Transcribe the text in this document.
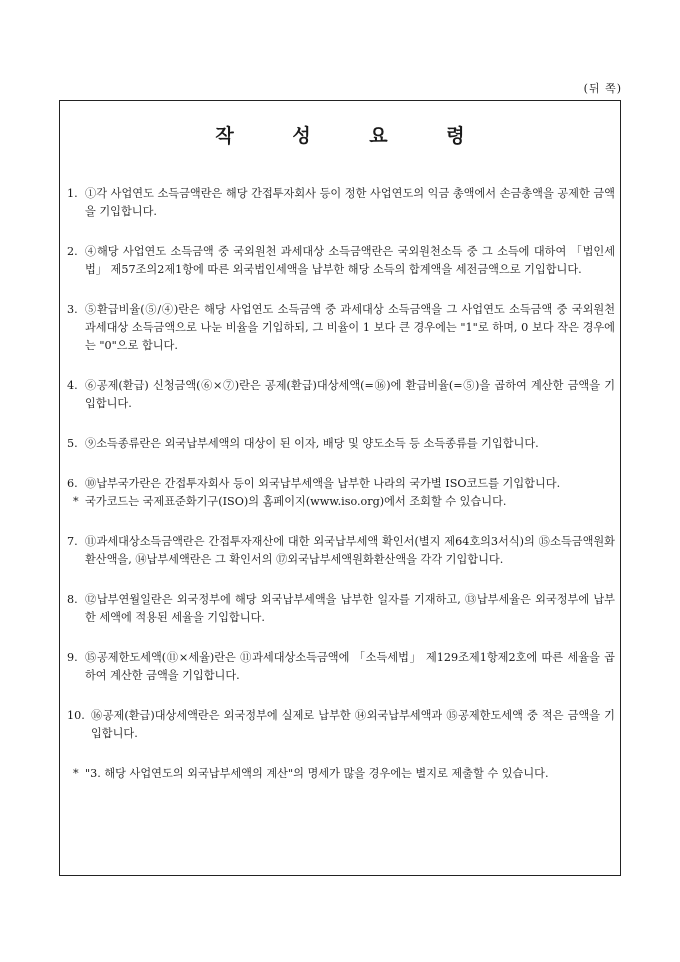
(뒤 쪽)
작 성 요 령
1. ①각 사업연도 소득금액란은 해당 간접투자회사 등이 정한 사업연도의 익금 총액에서 손금총액을 공제한 금액을 기입합니다.
2. ④해당 사업연도 소득금액 중 국외원천 과세대상 소득금액란은 국외원천소득 중 그 소득에 대하여 「법인세법」 제57조의2제1항에 따른 외국법인세액을 납부한 해당 소득의 합계액을 세전금액으로 기입합니다.
3. ⑤환급비율(⑤/④)란은 해당 사업연도 소득금액 중 과세대상 소득금액을 그 사업연도 소득금액 중 국외원천 과세대상 소득금액으로 나눈 비율을 기입하되, 그 비율이 1 보다 큰 경우에는 "1"로 하며, 0 보다 작은 경우에는 "0"으로 합니다.
4. ⑥공제(환급) 신청금액(⑥×⑦)란은 공제(환급)대상세액(=⑯)에 환급비율(=⑤)을 곱하여 계산한 금액을 기입합니다.
5. ⑨소득종류란은 외국납부세액의 대상이 된 이자, 배당 및 양도소득 등 소득종류를 기입합니다.
6. ⑩납부국가란은 간접투자회사 등이 외국납부세액을 납부한 나라의 국가별 ISO코드를 기입합니다.
* 국가코드는 국제표준화기구(ISO)의 홈페이지(www.iso.org)에서 조회할 수 있습니다.
7. ⑪과세대상소득금액란은 간접투자재산에 대한 외국납부세액 확인서(별지 제64호의3서식)의 ⑮소득금액원화환산액을, ⑭납부세액란은 그 확인서의 ⑰외국납부세액원화환산액을 각각 기입합니다.
8. ⑫납부연월일란은 외국정부에 해당 외국납부세액을 납부한 일자를 기재하고, ⑬납부세율은 외국정부에 납부한 세액에 적용된 세율을 기입합니다.
9. ⑮공제한도세액(⑪×세율)란은 ⑪과세대상소득금액에 「소득세법」 제129조제1항제2호에 따른 세율을 곱하여 계산한 금액을 기입합니다.
10. ⑯공제(환급)대상세액란은 외국정부에 실제로 납부한 ⑭외국납부세액과 ⑮공제한도세액 중 적은 금액을 기입합니다.
* "3. 해당 사업연도의 외국납부세액의 계산"의 명세가 많을 경우에는 별지로 제출할 수 있습니다.
